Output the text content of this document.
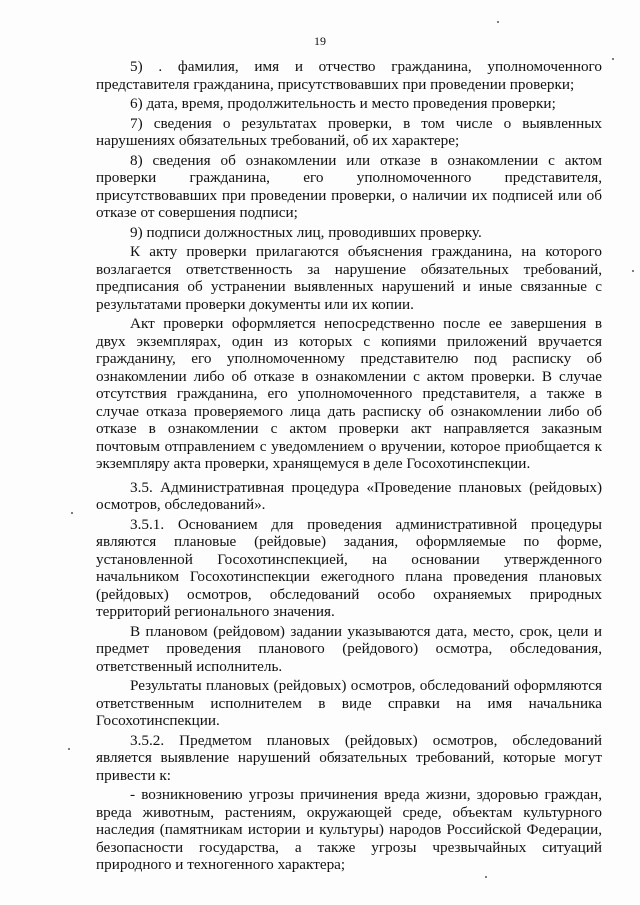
19

5) . фамилия, имя и отчество гражданина, уполномоченного представителя гражданина, присутствовавших при проведении проверки;

6) дата, время, продолжительность и место проведения проверки;

7) сведения о результатах проверки, в том числе о выявленных нарушениях обязательных требований, об их характере;

8) сведения об ознакомлении или отказе в ознакомлении с актом проверки гражданина, его уполномоченного представителя, присутствовавших при проведении проверки, о наличии их подписей или об отказе от совершения подписи;

9) подписи должностных лиц, проводивших проверку.

К акту проверки прилагаются объяснения гражданина, на которого возлагается ответственность за нарушение обязательных требований, предписания об устранении выявленных нарушений и иные связанные с результатами проверки документы или их копии.

Акт проверки оформляется непосредственно после ее завершения в двух экземплярах, один из которых с копиями приложений вручается гражданину, его уполномоченному представителю под расписку об ознакомлении либо об отказе в ознакомлении с актом проверки. В случае отсутствия гражданина, его уполномоченного представителя, а также в случае отказа проверяемого лица дать расписку об ознакомлении либо об отказе в ознакомлении с актом проверки акт направляется заказным почтовым отправлением с уведомлением о вручении, которое приобщается к экземпляру акта проверки, хранящемуся в деле Госохотинспекции.

3.5. Административная процедура «Проведение плановых (рейдовых) осмотров, обследований».

3.5.1. Основанием для проведения административной процедуры являются плановые (рейдовые) задания, оформляемые по форме, установленной Госохотинспекцией, на основании утвержденного начальником Госохотинспекции ежегодного плана проведения плановых (рейдовых) осмотров, обследований особо охраняемых природных территорий регионального значения.

В плановом (рейдовом) задании указываются дата, место, срок, цели и предмет проведения планового (рейдового) осмотра, обследования, ответственный исполнитель.

Результаты плановых (рейдовых) осмотров, обследований оформляются ответственным исполнителем в виде справки на имя начальника Госохотинспекции.

3.5.2. Предметом плановых (рейдовых) осмотров, обследований является выявление нарушений обязательных требований, которые могут привести к:

- возникновению угрозы причинения вреда жизни, здоровью граждан, вреда животным, растениям, окружающей среде, объектам культурного наследия (памятникам истории и культуры) народов Российской Федерации, безопасности государства, а также угрозы чрезвычайных ситуаций природного и техногенного характера;
